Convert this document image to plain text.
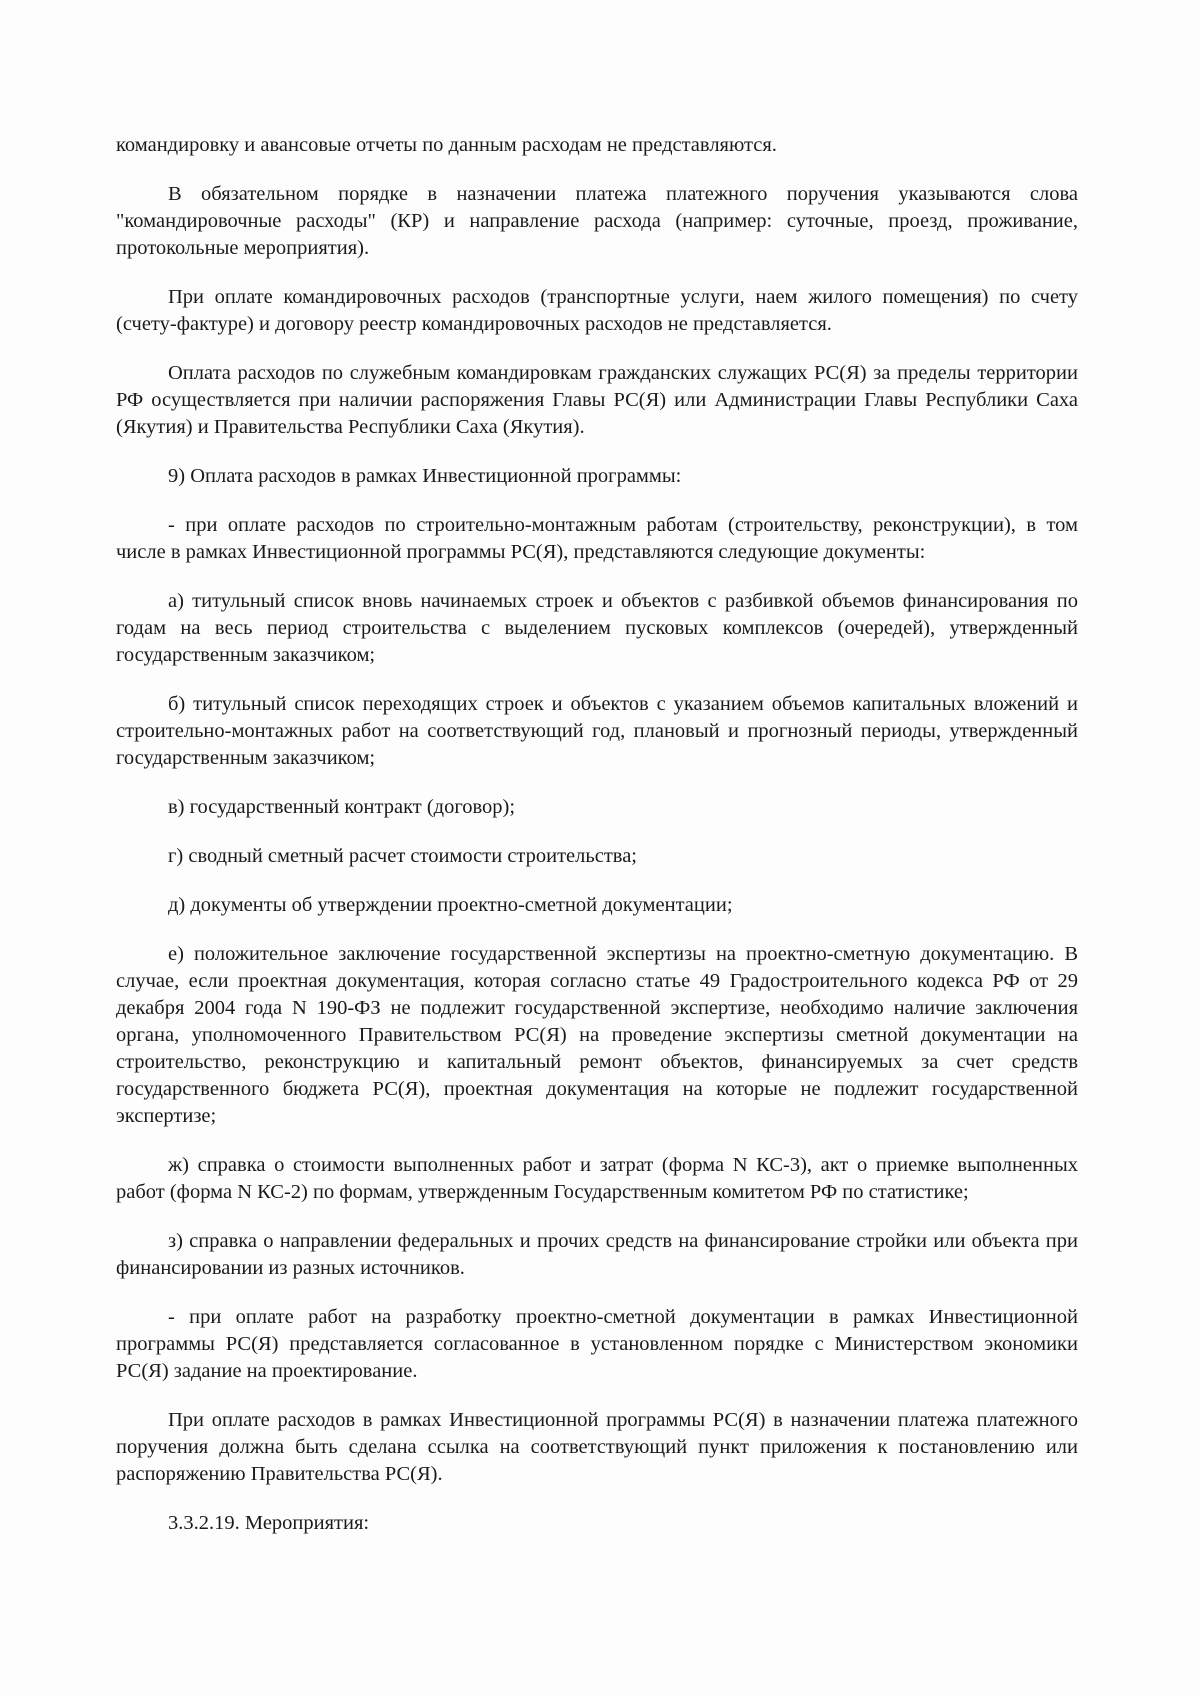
командировку и авансовые отчеты по данным расходам не представляются.

В обязательном порядке в назначении платежа платежного поручения указываются слова "командировочные расходы" (КР) и направление расхода (например: суточные, проезд, проживание, протокольные мероприятия).

При оплате командировочных расходов (транспортные услуги, наем жилого помещения) по счету (счету-фактуре) и договору реестр командировочных расходов не представляется.

Оплата расходов по служебным командировкам гражданских служащих РС(Я) за пределы территории РФ осуществляется при наличии распоряжения Главы РС(Я) или Администрации Главы Республики Саха (Якутия) и Правительства Республики Саха (Якутия).

9) Оплата расходов в рамках Инвестиционной программы:

- при оплате расходов по строительно-монтажным работам (строительству, реконструкции), в том числе в рамках Инвестиционной программы РС(Я), представляются следующие документы:

а) титульный список вновь начинаемых строек и объектов с разбивкой объемов финансирования по годам на весь период строительства с выделением пусковых комплексов (очередей), утвержденный государственным заказчиком;

б) титульный список переходящих строек и объектов с указанием объемов капитальных вложений и строительно-монтажных работ на соответствующий год, плановый и прогнозный периоды, утвержденный государственным заказчиком;

в) государственный контракт (договор);

г) сводный сметный расчет стоимости строительства;

д) документы об утверждении проектно-сметной документации;

е) положительное заключение государственной экспертизы на проектно-сметную документацию. В случае, если проектная документация, которая согласно статье 49 Градостроительного кодекса РФ от 29 декабря 2004 года N 190-ФЗ не подлежит государственной экспертизе, необходимо наличие заключения органа, уполномоченного Правительством РС(Я) на проведение экспертизы сметной документации на строительство, реконструкцию и капитальный ремонт объектов, финансируемых за счет средств государственного бюджета РС(Я), проектная документация на которые не подлежит государственной экспертизе;

ж) справка о стоимости выполненных работ и затрат (форма N КС-3), акт о приемке выполненных работ (форма N КС-2) по формам, утвержденным Государственным комитетом РФ по статистике;

з) справка о направлении федеральных и прочих средств на финансирование стройки или объекта при финансировании из разных источников.

- при оплате работ на разработку проектно-сметной документации в рамках Инвестиционной программы РС(Я) представляется согласованное в установленном порядке с Министерством экономики РС(Я) задание на проектирование.

При оплате расходов в рамках Инвестиционной программы РС(Я) в назначении платежа платежного поручения должна быть сделана ссылка на соответствующий пункт приложения к постановлению или распоряжению Правительства РС(Я).

3.3.2.19. Мероприятия:
